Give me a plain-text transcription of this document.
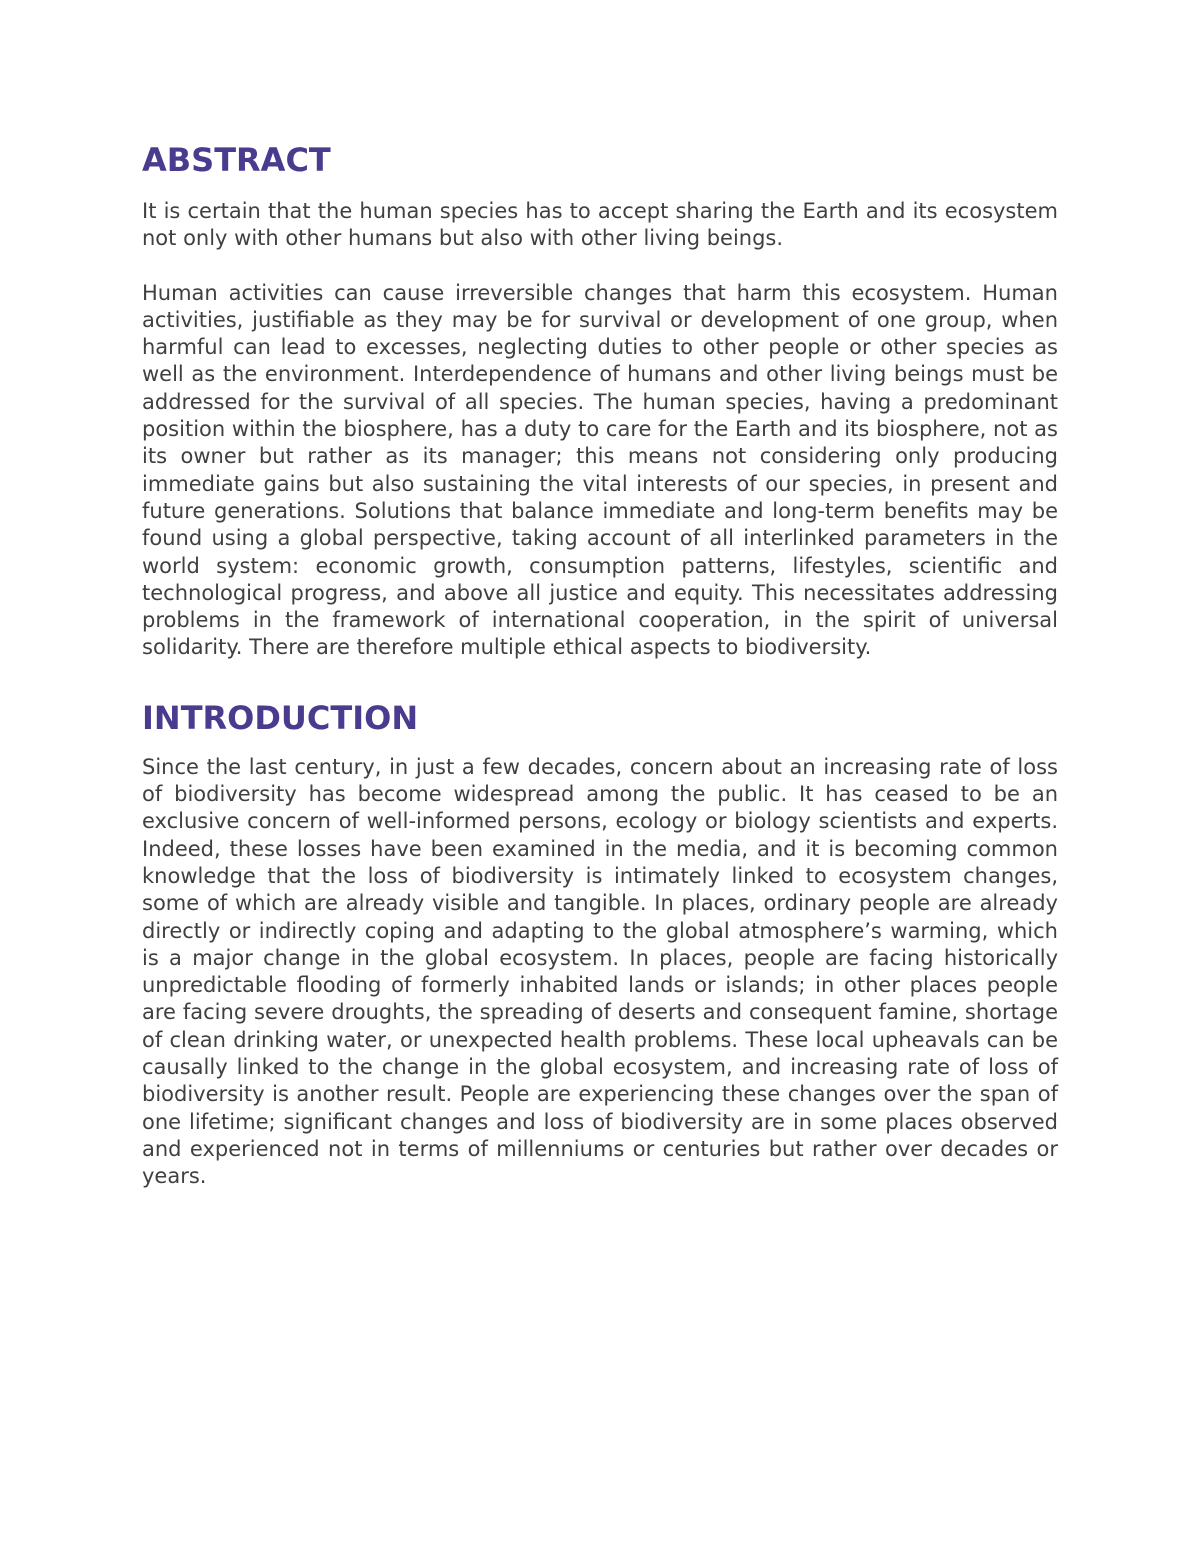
ABSTRACT

It is certain that the human species has to accept sharing the Earth and its ecosystem not only with other humans but also with other living beings.

Human activities can cause irreversible changes that harm this ecosystem. Human activities, justifiable as they may be for survival or development of one group, when harmful can lead to excesses, neglecting duties to other people or other species as well as the environment. Interdependence of humans and other living beings must be addressed for the survival of all species. The human species, having a predominant position within the biosphere, has a duty to care for the Earth and its biosphere, not as its owner but rather as its manager; this means not considering only producing immediate gains but also sustaining the vital interests of our species, in present and future generations. Solutions that balance immediate and long-term benefits may be found using a global perspective, taking account of all interlinked parameters in the world system: economic growth, consumption patterns, lifestyles, scientific and technological progress, and above all justice and equity. This necessitates addressing problems in the framework of international cooperation, in the spirit of universal solidarity. There are therefore multiple ethical aspects to biodiversity.

INTRODUCTION

Since the last century, in just a few decades, concern about an increasing rate of loss of biodiversity has become widespread among the public. It has ceased to be an exclusive concern of well-informed persons, ecology or biology scientists and experts. Indeed, these losses have been examined in the media, and it is becoming common knowledge that the loss of biodiversity is intimately linked to ecosystem changes, some of which are already visible and tangible. In places, ordinary people are already directly or indirectly coping and adapting to the global atmosphere’s warming, which is a major change in the global ecosystem. In places, people are facing historically unpredictable flooding of formerly inhabited lands or islands; in other places people are facing severe droughts, the spreading of deserts and consequent famine, shortage of clean drinking water, or unexpected health problems. These local upheavals can be causally linked to the change in the global ecosystem, and increasing rate of loss of biodiversity is another result. People are experiencing these changes over the span of one lifetime; significant changes and loss of biodiversity are in some places observed and experienced not in terms of millenniums or centuries but rather over decades or years.
